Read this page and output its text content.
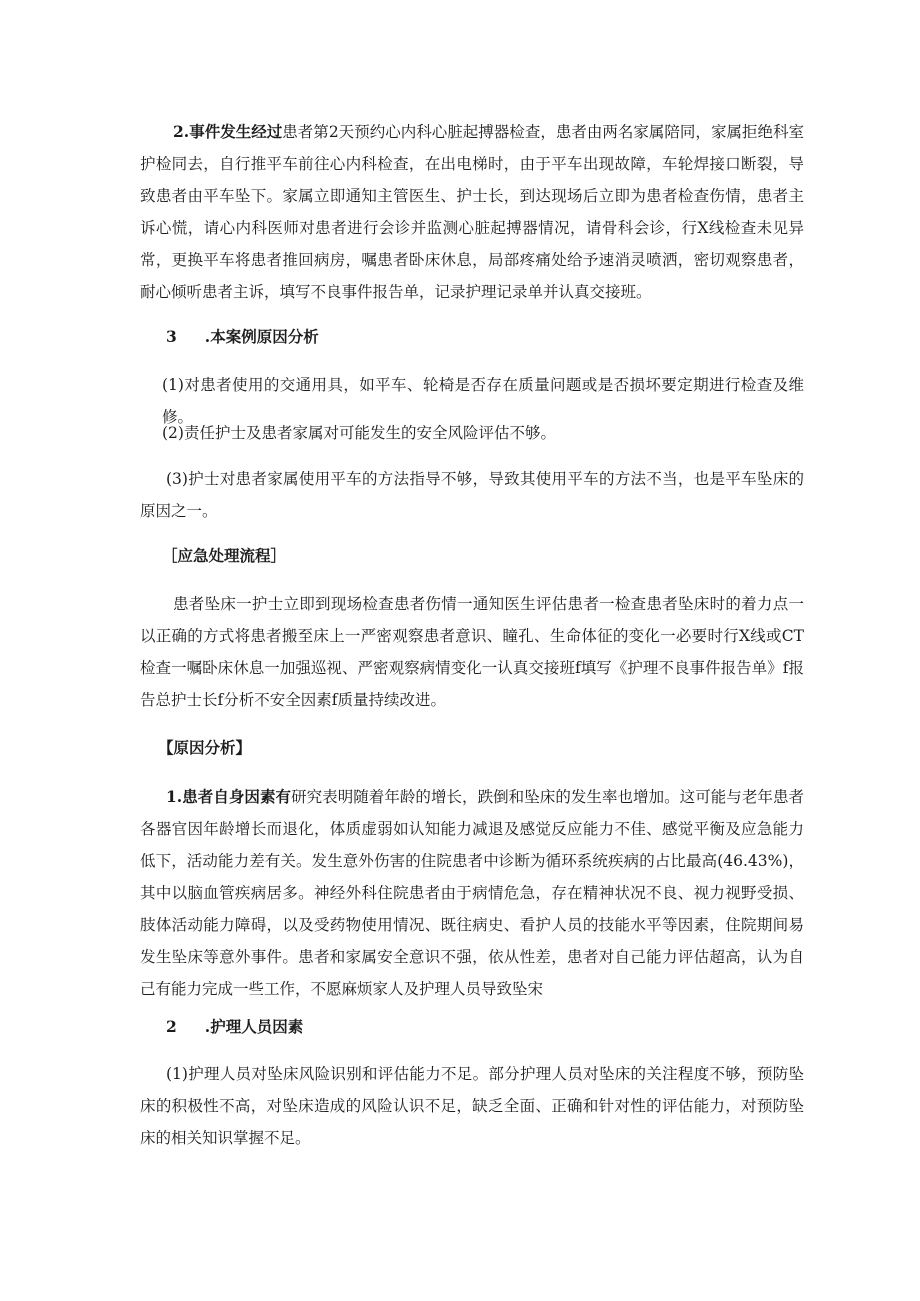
2.事件发生经过患者第2天预约心内科心脏起搏器检查，患者由两名家属陪同，家属拒绝科室护检同去，自行推平车前往心内科检查，在出电梯时，由于平车出现故障，车轮焊接口断裂，导致患者由平车坠下。家属立即通知主管医生、护士长，到达现场后立即为患者检查伤情，患者主诉心慌，请心内科医师对患者进行会诊并监测心脏起搏器情况，请骨科会诊，行X线检查未见异常，更换平车将患者推回病房，嘱患者卧床休息，局部疼痛处给予速消灵喷洒，密切观察患者，耐心倾听患者主诉，填写不良事件报告单，记录护理记录单并认真交接班。

3 .本案例原因分析

(1)对患者使用的交通用具，如平车、轮椅是否存在质量问题或是否损坏要定期进行检查及维修。

(2)责任护士及患者家属对可能发生的安全风险评估不够。

(3)护士对患者家属使用平车的方法指导不够，导致其使用平车的方法不当，也是平车坠床的原因之一。

［应急处理流程］

患者坠床一护士立即到现场检查患者伤情一通知医生评估患者一检查患者坠床时的着力点一以正确的方式将患者搬至床上一严密观察患者意识、瞳孔、生命体征的变化一必要时行X线或CT检查一嘱卧床休息一加强巡视、严密观察病情变化一认真交接班f填写《护理不良事件报告单》f报告总护士长f分析不安全因素f质量持续改进。

【原因分析】

1.患者自身因素有研究表明随着年龄的增长，跌倒和坠床的发生率也增加。这可能与老年患者各器官因年龄增长而退化，体质虚弱如认知能力减退及感觉反应能力不佳、感觉平衡及应急能力低下，活动能力差有关。发生意外伤害的住院患者中诊断为循环系统疾病的占比最高(46.43%)，其中以脑血管疾病居多。神经外科住院患者由于病情危急，存在精神状况不良、视力视野受损、肢体活动能力障碍，以及受药物使用情况、既往病史、看护人员的技能水平等因素，住院期间易发生坠床等意外事件。患者和家属安全意识不强，依从性差，患者对自己能力评估超高，认为自己有能力完成一些工作，不愿麻烦家人及护理人员导致坠宋

2 .护理人员因素

(1)护理人员对坠床风险识别和评估能力不足。部分护理人员对坠床的关注程度不够，预防坠床的积极性不高，对坠床造成的风险认识不足，缺乏全面、正确和针对性的评估能力，对预防坠床的相关知识掌握不足。
